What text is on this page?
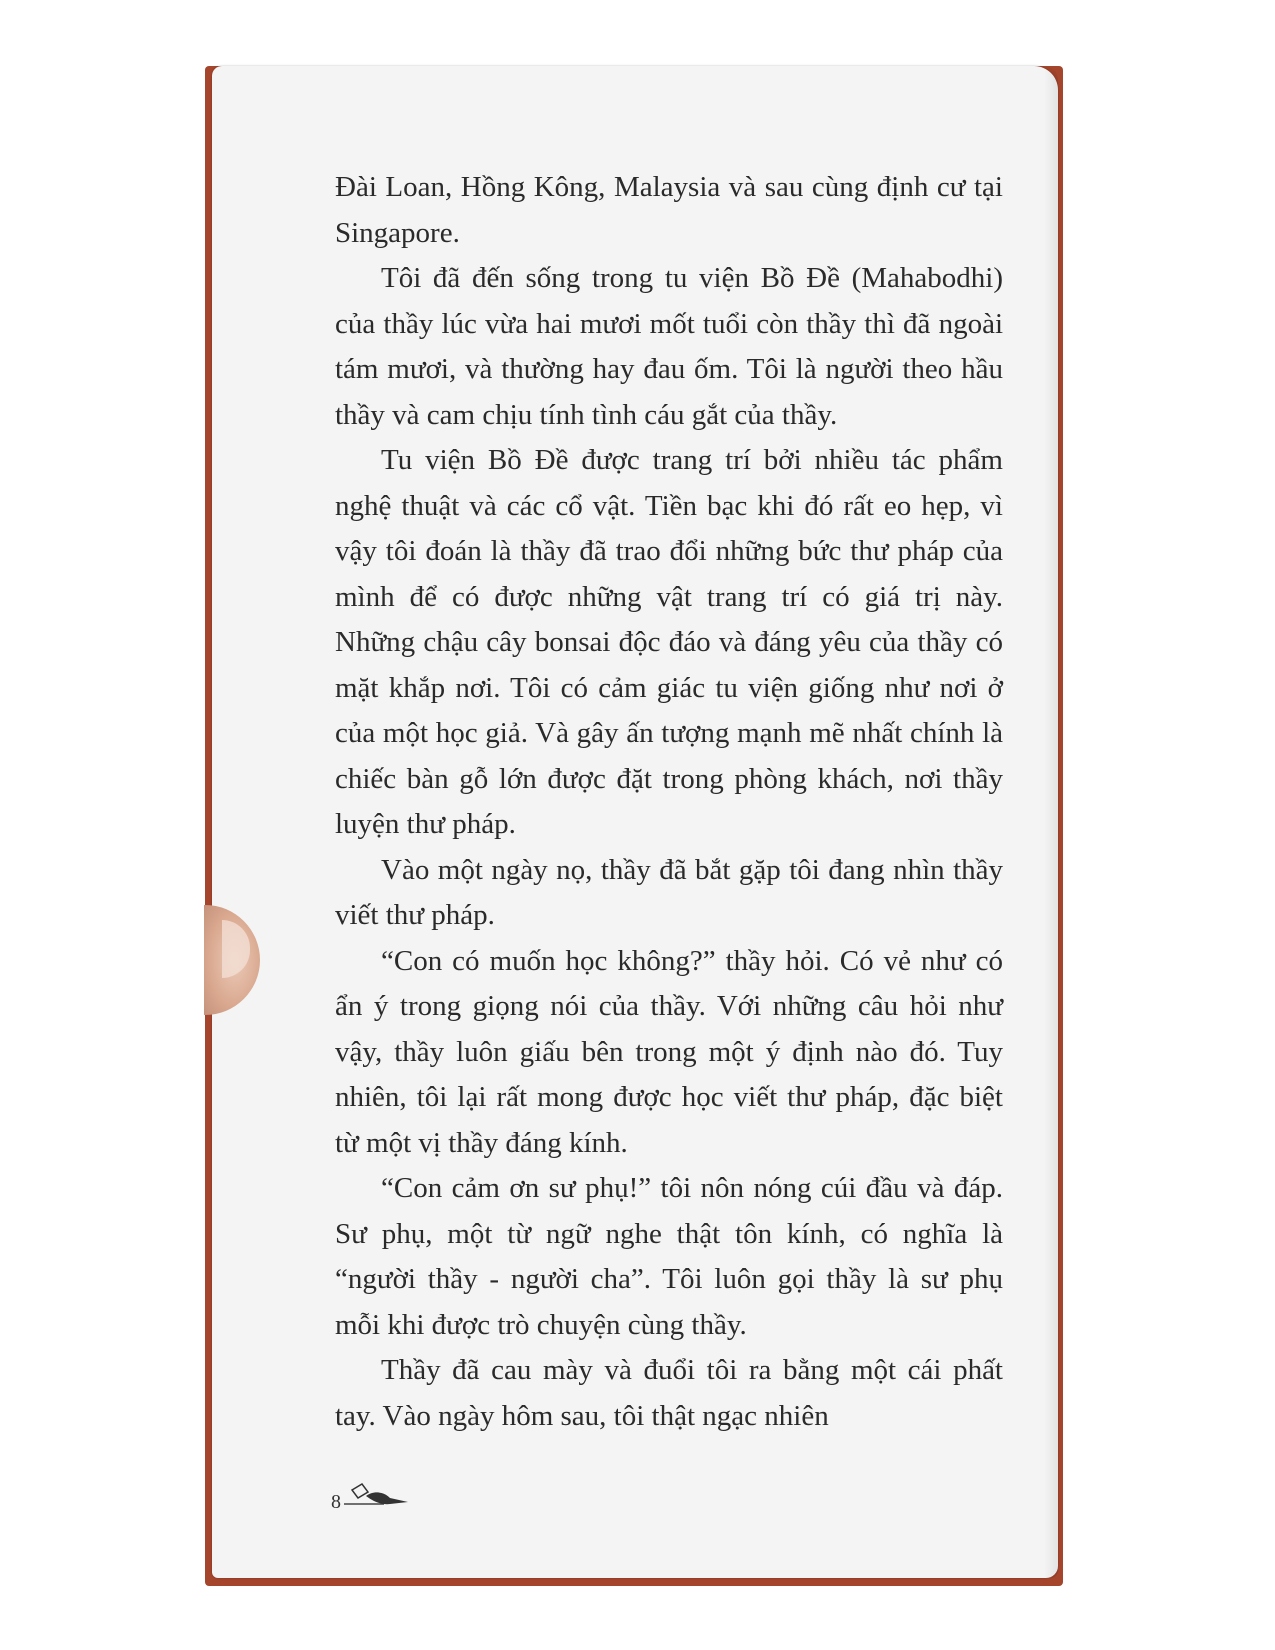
Đài Loan, Hồng Kông, Malaysia và sau cùng định cư tại Singapore.

Tôi đã đến sống trong tu viện Bồ Đề (Mahabodhi) của thầy lúc vừa hai mươi mốt tuổi còn thầy thì đã ngoài tám mươi, và thường hay đau ốm. Tôi là người theo hầu thầy và cam chịu tính tình cáu gắt của thầy.

Tu viện Bồ Đề được trang trí bởi nhiều tác phẩm nghệ thuật và các cổ vật. Tiền bạc khi đó rất eo hẹp, vì vậy tôi đoán là thầy đã trao đổi những bức thư pháp của mình để có được những vật trang trí có giá trị này. Những chậu cây bonsai độc đáo và đáng yêu của thầy có mặt khắp nơi. Tôi có cảm giác tu viện giống như nơi ở của một học giả. Và gây ấn tượng mạnh mẽ nhất chính là chiếc bàn gỗ lớn được đặt trong phòng khách, nơi thầy luyện thư pháp.

Vào một ngày nọ, thầy đã bắt gặp tôi đang nhìn thầy viết thư pháp.

“Con có muốn học không?” thầy hỏi. Có vẻ như có ẩn ý trong giọng nói của thầy. Với những câu hỏi như vậy, thầy luôn giấu bên trong một ý định nào đó. Tuy nhiên, tôi lại rất mong được học viết thư pháp, đặc biệt từ một vị thầy đáng kính.

“Con cảm ơn sư phụ!” tôi nôn nóng cúi đầu và đáp. Sư phụ, một từ ngữ nghe thật tôn kính, có nghĩa là “người thầy - người cha”. Tôi luôn gọi thầy là sư phụ mỗi khi được trò chuyện cùng thầy.

Thầy đã cau mày và đuổi tôi ra bằng một cái phất tay. Vào ngày hôm sau, tôi thật ngạc nhiên

8
